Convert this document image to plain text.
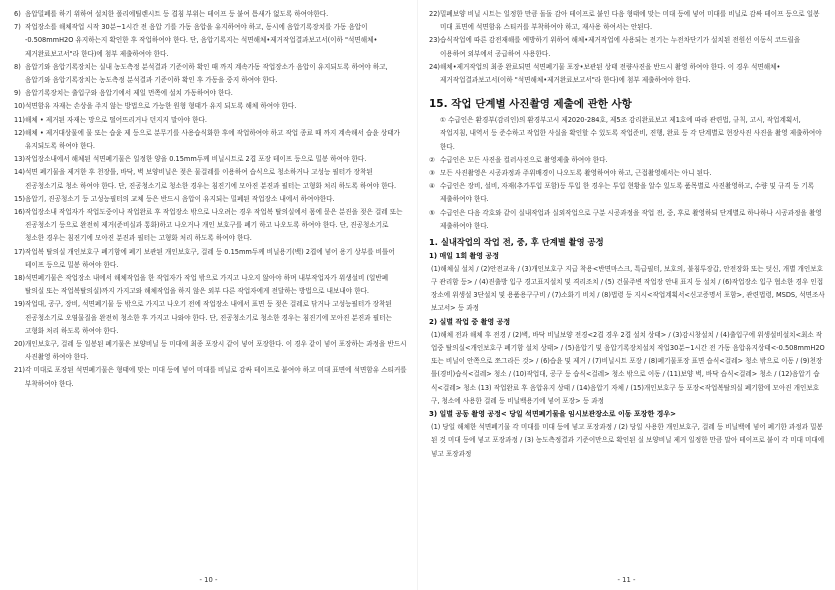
6) 음압밀폐를 하기 위하여 설치한 폴리에틸렌시트 등 겹침 부위는 테이프 등 붙여 틈새가 없도록 하여야한다.
7) 작업장소를 해체작업 시작 30분~1시간 전 음압 기를 가동 음압을 유지하여야 하고, 동시에 음압기록장치를 가동 음압이 -0.508mmH2O 유지하는지 확인한 후 작업하여야 한다. 단, 음압기록지는 석면해체•제거작업결과보고서(이하 "석면해체•제거완료보고서"라 한다)에 첨부 제출하여야 한다.
8) 음압기와 음압기록장치는 실내 농도측정 분석결과 기준이하 확인 때 까지 계속가동 작업장소가 음압이 유지되도록 하여야 하고, 음압기와 음압기록장치는 농도측정 분석결과 기준이하 확인 후 가동을 중지 하여야 한다.
9) 음압기록장치는 출입구와 음압기에서 제일 먼쪽에 설치 가동하여야 한다.
10) 석면함유 자재는 손상을 주지 않는 방법으로 가능한 원형 형태가 유지 되도록 해체 하여야 한다.
11) 해체 • 제거된 자재는 망으로 떨어뜨리거나 던지지 말아야 한다.
12) 해체 • 제거대상물에 물 또는 습윤 제 등으로 분무기를 사용습식화한 후에 작업하여야 하고 작업 종료 때 까지 계속해서 습윤 상태가 유지되도록 하여야 한다.
13) 작업장소내에서 해체된 석면폐기물은 일정한 양을 0.15mm두께 비닐시트로 2겹 포장 테이프 등으로 밀봉 하여야 한다.
14) 석면 폐기물을 제거한 후 천장틀, 바닥, 벽 보양비닐은 젖은 물걸레를 이용하여 습식으로 청소하거나 고성능 필터가 장착된 진공청소기로 청소 하여야 한다. 단, 진공청소기로 청소한 경우는 침진기에 모아진 분진과 필터는 고형화 처리 하도록 하여야 한다.
15) 음압기, 진공청소기 등 고성능필터의 교체 등은 반드시 음압이 유지되는 밀폐된 작업장소 내에서 하여야한다.
16) 작업장소내 작업자가 작업도중이나 작업완료 후 작업장소 밖으로 나오려는 경우 작업복 탈의실에서 몸에 묻은 분진을 젖은 걸레 또는 진공청소기 등으로 완전히 제거(준비실과 통화)하고 나오거나 개인 보호구를 폐기 하고 나오도록 하여야 한다. 단, 진공청소기로 청소한 경우는 침진기에 모아진 분진과 필터는 고형화 처리 하도록 하여야 한다.
17) 작업복 탈의실 개인보호구 폐기함에 폐기 보관된 개인보호구, 걸레 등 0.15mm두께 비닐용기(백) 2겹에 넣어 용기 상부를 비틀어 테이프 등으로 밀봉 하여야 한다.
18) 석면폐기물은 작업장소 내에서 해체작업을 한 작업자가 작업 밖으로 가지고 나오지 않아야 하며 내부작업자가 위생설비 (일반폐 탈의실 또는 작업복탈의실)까지 가지고와 해체작업을 하지 않은 외부 다른 작업자에게 전달하는 방법으로 내보내야 한다.
19) 작업대, 공구, 장비, 석면폐기물 등 밖으로 가지고 나오기 전에 작업장소 내에서 표면 등 젖은 걸레로 닦거나 고성능필터가 장착된 진공청소기로 오염물질을 완전히 청소한 후 가지고 나와야 한다. 단, 진공청소기로 청소한 경우는 침진기에 모아진 분진과 필터는 고형화 처리 하도록 하여야 한다.
20) 개인보호구, 걸레 등 일봉된 폐기물은 보양비닐 등 미대에 최종 포장시 같이 넣어 포장한다. 이 경우 같이 넣어 포장하는 과정을 반드시 사진촬영 하여야 한다.
21) 각 미대로 포장된 석면폐기물은 형태에 맞는 미대 등에 넣어 미대를 비닐로 감싸 테이프로 붙여야 하고 미대 표면에 석면함유 스티커를 부착하여야 한다.
- 10 -
22) 밀폐보양 비닐 시트는 일정한 만큼 돌돌 감아 테이프로 붙인 다음 형태에 맞는 미대 등에 넣어 미대를 비닐로 감싸 테이프 등으로 일봉 미대 표면에 석면함유 스티커를 부착하여야 하고, 재사용 하여서는 안된다.
23) 습식작업에 따른 감전재해를 예방하기 위하여 해체•제거작업에 사용되는 전기는 누전차단기가 설치된 전원선 이동식 코드릴을 이용하여 외부에서 공급하여 사용한다.
24) 해체•제거작업의 최종 완료되면 석면폐기물 포장•보관된 상태 전량사진을 반드시 촬영 하여야 한다. 이 경우 석면해체•제거작업결과보고서(이하 "석면해체•제거완료보고서"라 한다)에 첨부 제출하여야 한다.
15. 작업 단계별 사진촬영 제출에 관한 사항
① 수급인은 환경부(감리인)의 환경부고시 제2020-284호, 제5조 감리완료보고 제1호에 따라 관련법, 규칙, 고시, 작업계획서, 작업지침, 내역서 등 준수하고 작업한 사실을 확인할 수 있도록 작업준비, 진행, 완료 등 각 단계별로 현장사진 사진을 촬영 제출하여야 한다.
② 수급인은 모든 사진을 컬러사진으로 촬영제출 하여야 한다.
③ 모든 사진촬영은 시공과정과 주위배경이 나오도록 촬영하여야 하고, 근접촬영해서는 아니 된다.
④ 수급인은 장비, 설비, 자재(추가투입 포함)등 투입 한 경우는 투입 현황을 알수 있도록 품목별로 사진촬영하고, 수량 및 규격 등 기록 제출하여야 한다.
⑤ 수급인은 다음 각호와 같이 실내작업과 실외작업으로 구분 시공과정을 작업 전, 중, 후로 촬영하되 단계별로 하나하나 시공과정을 촬영 제출하여야 한다.
1. 실내작업의 작업 전, 중, 후 단계별 촬영 공정
1) 매일 1회 촬영 공정
(1)해체실 설치 / (2)안전교육 / (3)개인보호구 지급 착용<반면마스크, 특급필터, 보호의, 불침투장갑, 안전장화 또는 덧신, 개별 개인보호구 관리함 등> / (4)진출방 입구 경고표지설치 및 격리조치 / (5) 건물주변 작업장 안내 표지 등 설치 / (6)작업장소 입구 협소한 경우 인접 장소에 위생설 3단설치 및 용품용구구비 / (7)소화기 비치 / (8)법령 등 지시<작업계획서<신고증명서 포함>, 관련법령, MSDS, 석면조사보고서> 등 과정
2) 실별 작업 중 촬영 공정
(1)해체 전과 해체 후 전경 / (2)벽, 바닥 비닐보양 전경<2겹 경우 2겹 설치 상태> / (3)감시창설치 / (4)출입구에 위생설비설치<최소 작업중 탈의실<개인보호구 폐기함 설치 상태> / (5)음압기 및 음압기록장치설치 작업30분~1시간 전 가동 음압유지상태<-0.508mmH2O 또는 비닐이 안쪽으로 쪼그라든 것> / (6)습윤 및 제거 / (7)비닐시트 포장 / (8)폐기물포장 표면 습식<걸레> 청소 밖으로 이동 / (9)천장틀(경비)습식<걸레> 청소 / (10)작업대, 공구 등 습식<걸레> 청소 밖으로 이동 / (11)보양 벽, 바닥 습식<걸레> 청소 / (12)음압기 습식<걸레> 청소 (13) 작업완료 후 음압유지 상태 / (14)음압기 자체 / (15)개인보호구 등 포장<작업복탈의실 폐기함에 모아진 개인보호구, 청소에 사용한 걸레 등 비닐백용기에 넣어 포장> 등 과정
3) 일별 공동 촬영 공정< 당일 석면폐기물을 임시보관장소로 이동 포장한 경우>
(1) 당일 해체한 석면폐기물 각 미대를 미대 등에 넣고 포장과정 / (2) 당일 사용한 개인보호구, 걸레 등 비닐백에 넣어 폐기한 과정과 밀봉된 것 미대 등에 넣고 포장과정 / (3) 농도측정결과 기준이만으로 확인된 실 보양비닐 제거 일정한 만큼 말아 테이프로 붙이 각 미대 미대에 넣고 포장과정
- 11 -
